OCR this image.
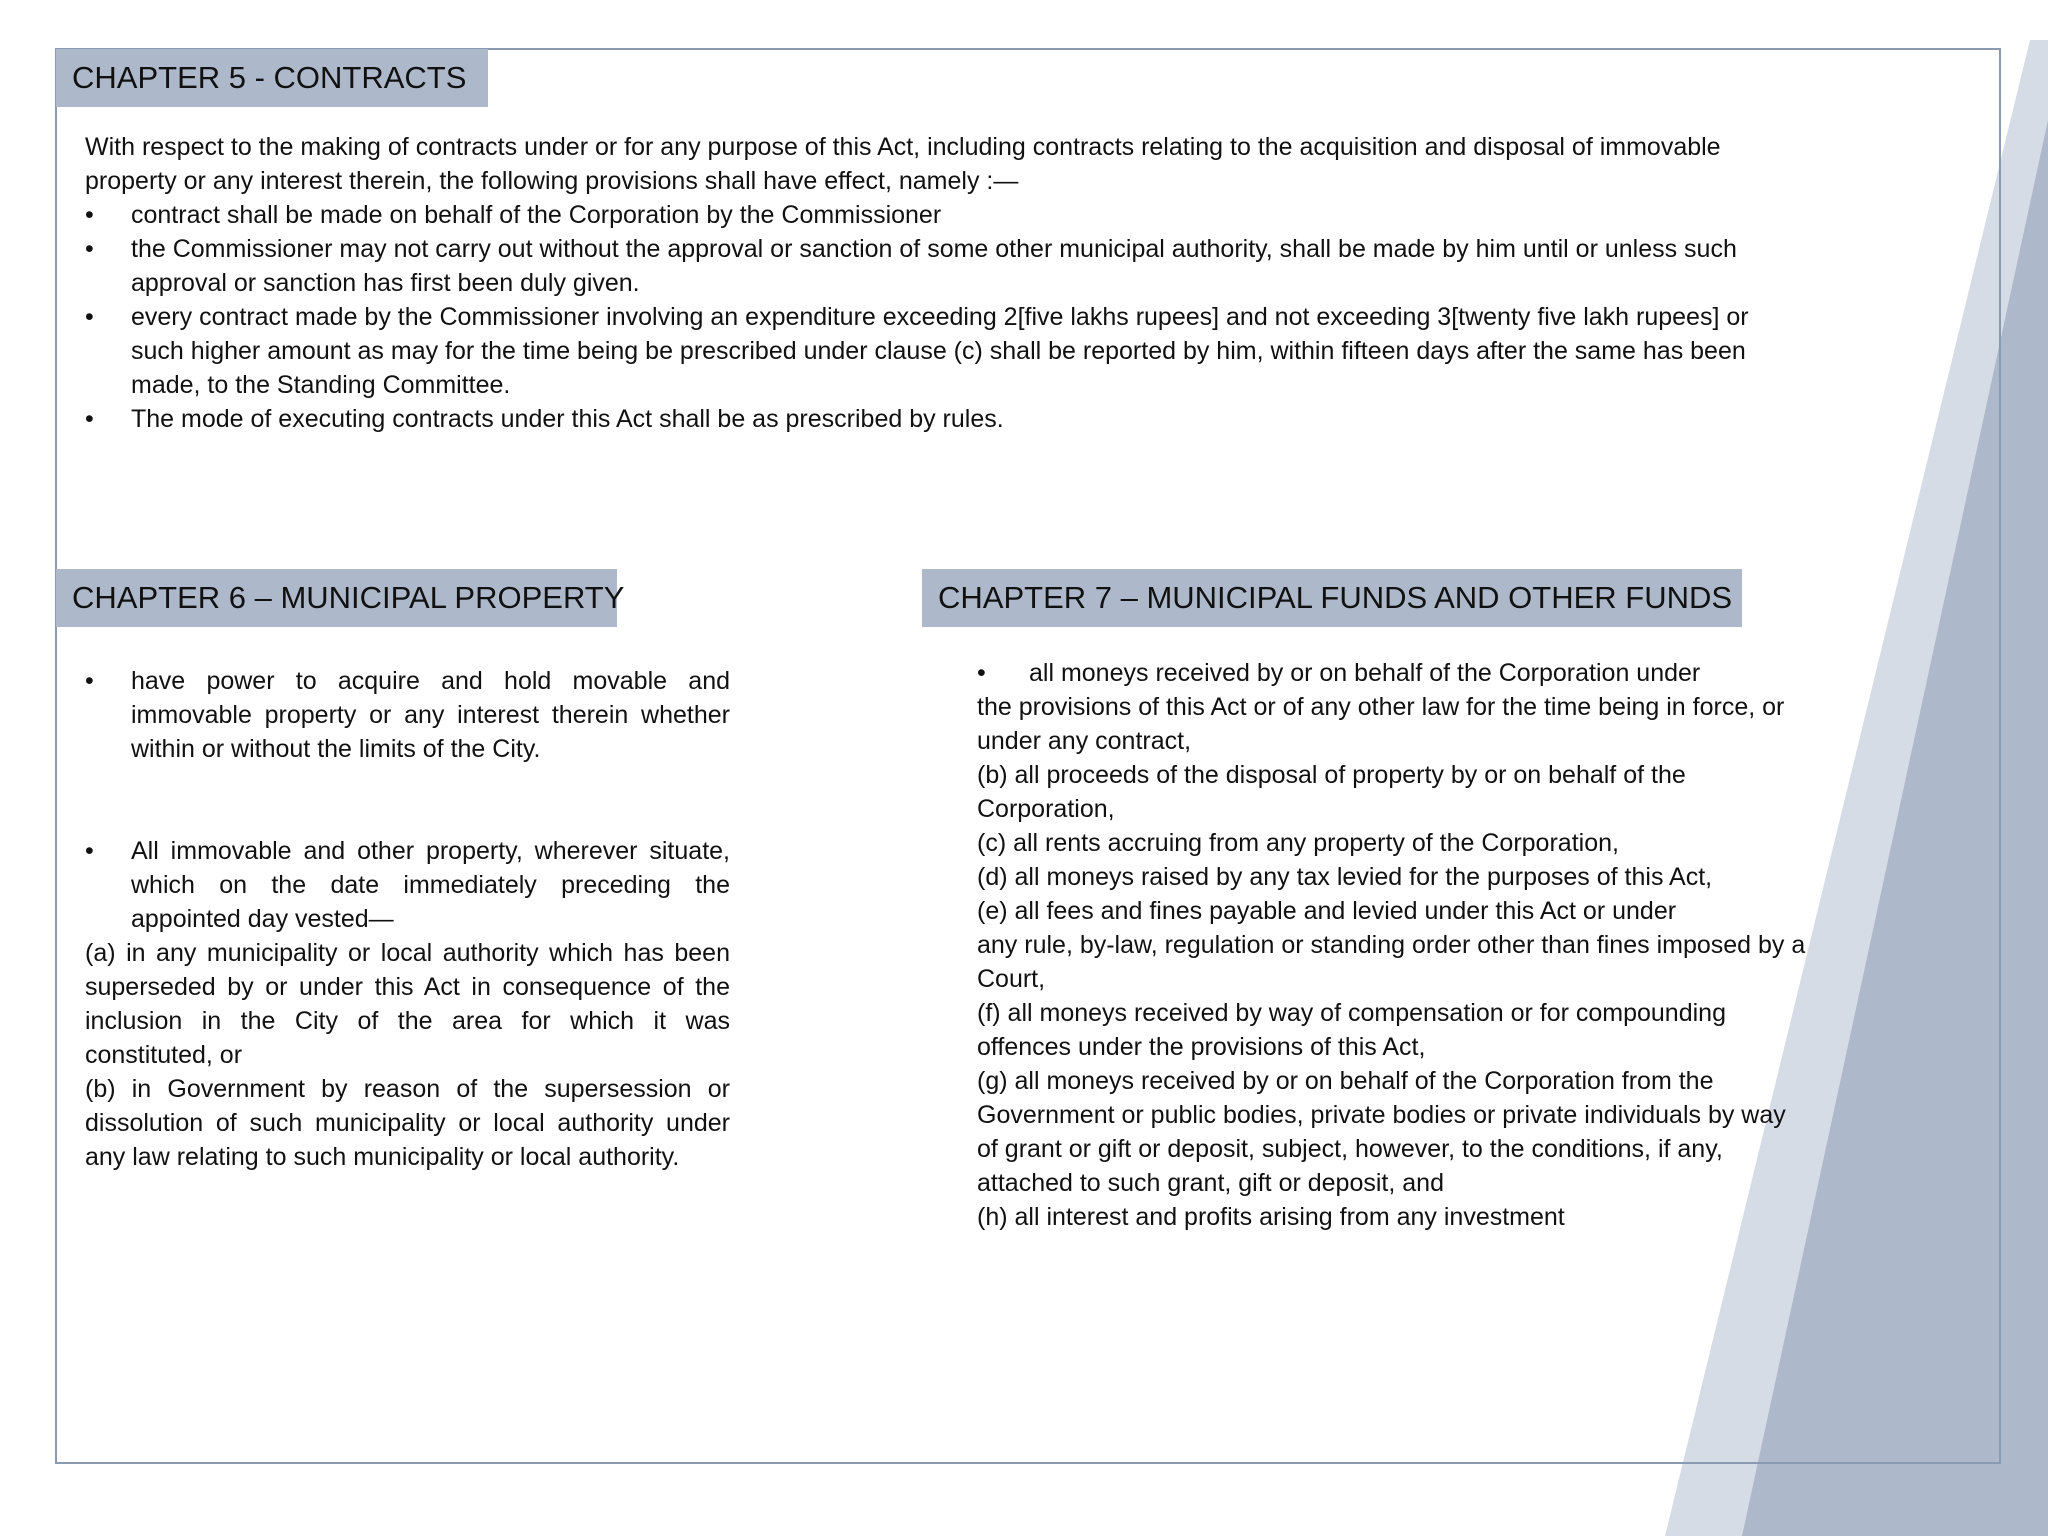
CHAPTER 5 - CONTRACTS

With respect to the making of contracts under or for any purpose of this Act, including contracts relating to the acquisition and disposal of immovable property or any interest therein, the following provisions shall have effect, namely :—

• contract shall be made on behalf of the Corporation by the Commissioner

• the Commissioner may not carry out without the approval or sanction of some other municipal authority, shall be made by him until or unless such approval or sanction has first been duly given.

• every contract made by the Commissioner involving an expenditure exceeding 2[five lakhs rupees] and not exceeding 3[twenty five lakh rupees] or such higher amount as may for the time being be prescribed under clause (c) shall be reported by him, within fifteen days after the same has been made, to the Standing Committee.

• The mode of executing contracts under this Act shall be as prescribed by rules.

CHAPTER 6 – MUNICIPAL PROPERTY

• have power to acquire and hold movable and immovable property or any interest therein whether within or without the limits of the City.

• All immovable and other property, wherever situate, which on the date immediately preceding the appointed day vested—

(a) in any municipality or local authority which has been superseded by or under this Act in consequence of the inclusion in the City of the area for which it was constituted, or

(b) in Government by reason of the supersession or dissolution of such municipality or local authority under any law relating to such municipality or local authority.

CHAPTER 7 – MUNICIPAL FUNDS AND OTHER FUNDS

• all moneys received by or on behalf of the Corporation under

the provisions of this Act or of any other law for the time being in force, or under any contract,

(b) all proceeds of the disposal of property by or on behalf of the Corporation,

(c) all rents accruing from any property of the Corporation,

(d) all moneys raised by any tax levied for the purposes of this Act,

(e) all fees and fines payable and levied under this Act or under

any rule, by-law, regulation or standing order other than fines imposed by a Court,

(f) all moneys received by way of compensation or for compounding offences under the provisions of this Act,

(g) all moneys received by or on behalf of the Corporation from the Government or public bodies, private bodies or private individuals by way of grant or gift or deposit, subject, however, to the conditions, if any, attached to such grant, gift or deposit, and

(h) all interest and profits arising from any investment
